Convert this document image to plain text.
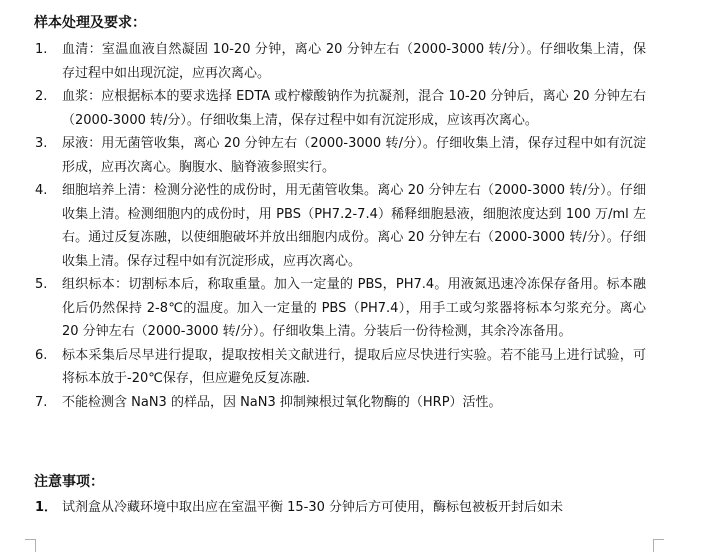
样本处理及要求：
1. 血清：室温血液自然凝固 10-20 分钟，离心 20 分钟左右（2000-3000 转/分）。仔细收集上清，保存过程中如出现沉淀，应再次离心。
2. 血浆：应根据标本的要求选择 EDTA 或柠檬酸钠作为抗凝剂，混合 10-20 分钟后，离心 20 分钟左右（2000-3000 转/分）。仔细收集上清，保存过程中如有沉淀形成，应该再次离心。
3. 尿液：用无菌管收集，离心 20 分钟左右（2000-3000 转/分）。仔细收集上清，保存过程中如有沉淀形成，应再次离心。胸腹水、脑脊液参照实行。
4. 细胞培养上清：检测分泌性的成份时，用无菌管收集。离心 20 分钟左右（2000-3000 转/分）。仔细收集上清。检测细胞内的成份时，用 PBS（PH7.2-7.4）稀释细胞悬液，细胞浓度达到 100 万/ml 左右。通过反复冻融，以使细胞破坏并放出细胞内成份。离心 20 分钟左右（2000-3000 转/分）。仔细收集上清。保存过程中如有沉淀形成，应再次离心。
5. 组织标本：切割标本后，称取重量。加入一定量的 PBS，PH7.4。用液氮迅速冷冻保存备用。标本融化后仍然保持 2-8℃的温度。加入一定量的 PBS（PH7.4），用手工或匀浆器将标本匀浆充分。离心 20 分钟左右（2000-3000 转/分）。仔细收集上清。分装后一份待检测，其余冷冻备用。
6. 标本采集后尽早进行提取，提取按相关文献进行，提取后应尽快进行实验。若不能马上进行试验，可将标本放于-20℃保存，但应避免反复冻融.
7. 不能检测含 NaN3 的样品，因 NaN3 抑制辣根过氧化物酶的（HRP）活性。
注意事项：
1． 试剂盒从冷藏环境中取出应在室温平衡 15-30 分钟后方可使用，酶标包被板开封后如未
